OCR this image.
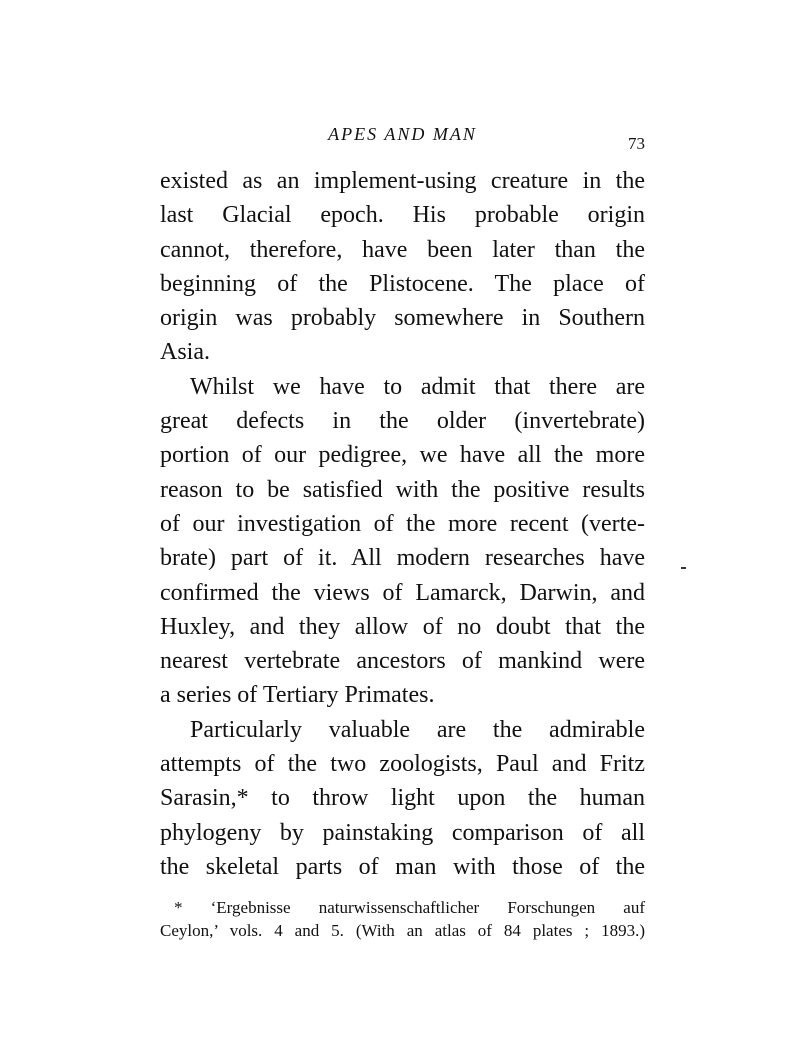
APES AND MAN	73
existed as an implement-using creature in the
last Glacial epoch. His probable origin
cannot, therefore, have been later than the
beginning of the Plistocene. The place of
origin was probably somewhere in Southern
Asia.
Whilst we have to admit that there are
great defects in the older (invertebrate)
portion of our pedigree, we have all the more
reason to be satisfied with the positive results
of our investigation of the more recent (verte-
brate) part of it. All modern researches have
confirmed the views of Lamarck, Darwin, and
Huxley, and they allow of no doubt that the
nearest vertebrate ancestors of mankind were
a series of Tertiary Primates.
Particularly valuable are the admirable
attempts of the two zoologists, Paul and Fritz
Sarasin,* to throw light upon the human
phylogeny by painstaking comparison of all
the skeletal parts of man with those of the
* ‘Ergebnisse naturwissenschaftlicher Forschungen auf
Ceylon,’ vols. 4 and 5. (With an atlas of 84 plates ; 1893.)
